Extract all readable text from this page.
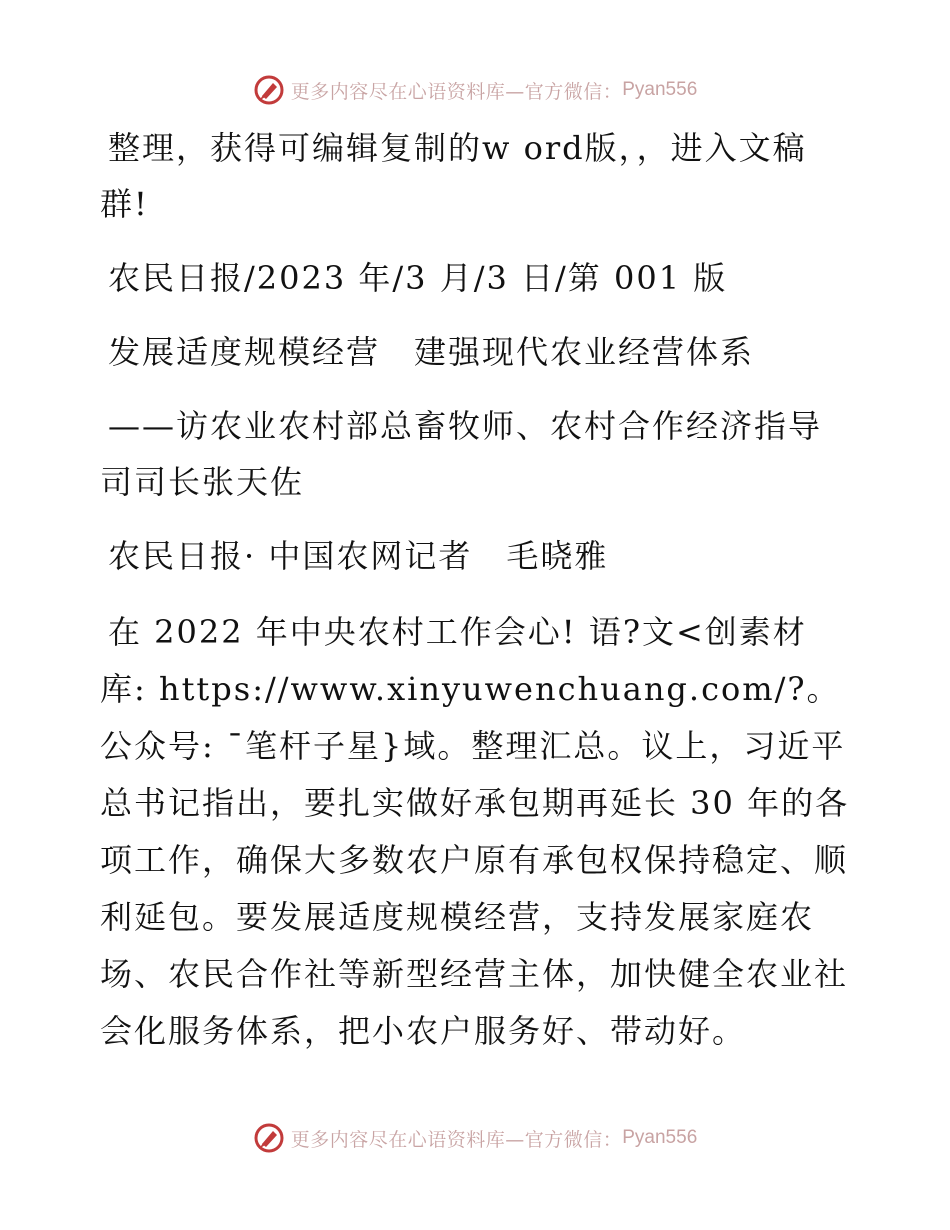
更多内容尽在心语资料库—官方微信： Pyan556

整理，获得可编辑复制的w ord版，，进入文稿群!

农民日报/2023 年/3 月/3 日/第 001 版

发展适度规模经营　建强现代农业经营体系

——访农业农村部总畜牧师、农村合作经济指导司司长张天佐

农民日报· 中国农网记者　毛晓雅

在 2022 年中央农村工作会心! 语?文<创素材库: https://www.xinyuwenchuang.com/?。公众号: ¯笔杆子星}域。整理汇总。议上，习近平总书记指出，要扎实做好承包期再延长 30 年的各项工作，确保大多数农户原有承包权保持稳定、顺利延包。要发展适度规模经营，支持发展家庭农场、农民合作社等新型经营主体，加快健全农业社会化服务体系，把小农户服务好、带动好。

更多内容尽在心语资料库—官方微信： Pyan556
